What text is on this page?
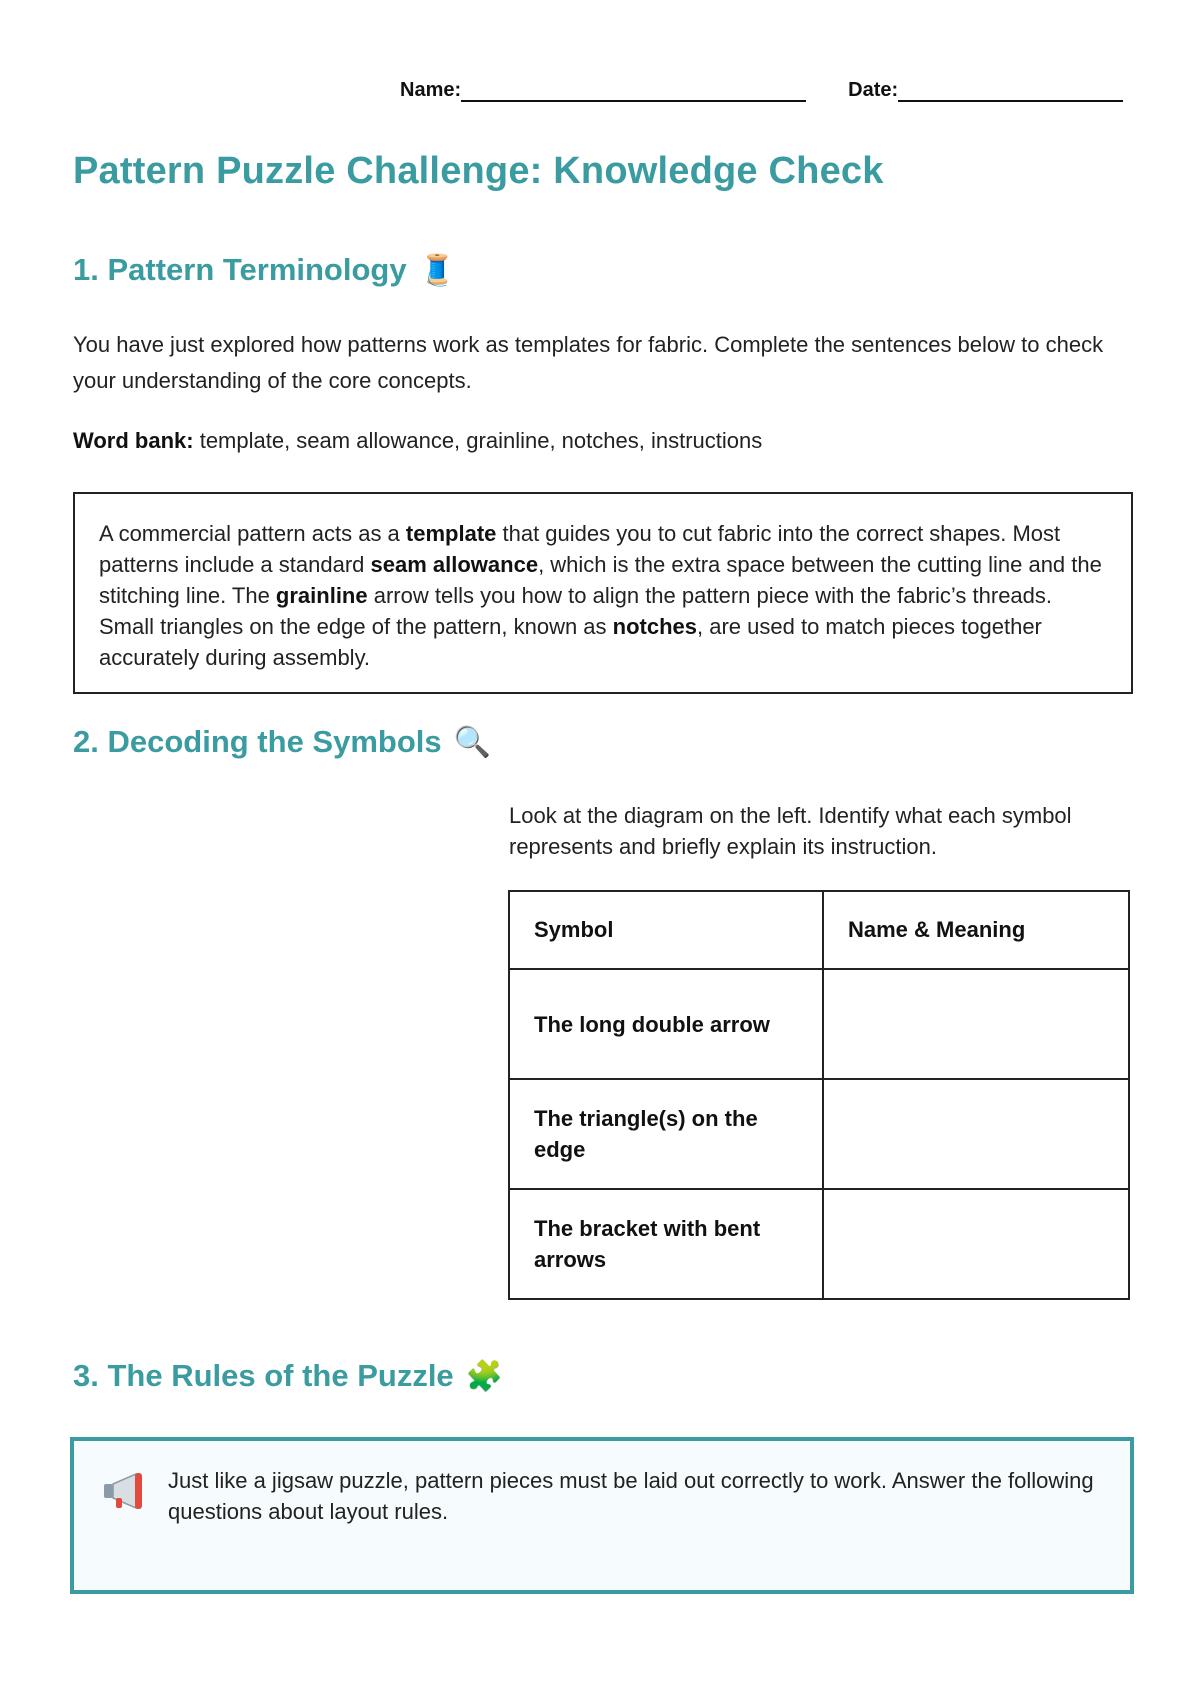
Name:	Date:
Pattern Puzzle Challenge: Knowledge Check
1. Pattern Terminology 🧵

You have just explored how patterns work as templates for fabric. Complete the sentences below to check your understanding of the core concepts.

Word bank: template, seam allowance, grainline, notches, instructions

A commercial pattern acts as a template that guides you to cut fabric into the correct shapes. Most patterns include a standard seam allowance, which is the extra space between the cutting line and the stitching line. The grainline arrow tells you how to align the pattern piece with the fabric’s threads. Small triangles on the edge of the pattern, known as notches, are used to match pieces together accurately during assembly.
2. Decoding the Symbols 🔍

Look at the diagram on the left. Identify what each symbol represents and briefly explain its instruction.

Symbol	Name & Meaning
The long double arrow	
The triangle(s) on the edge	
The bracket with bent arrows	
3. The Rules of the Puzzle 🧩

Just like a jigsaw puzzle, pattern pieces must be laid out correctly to work. Answer the following questions about layout rules.
